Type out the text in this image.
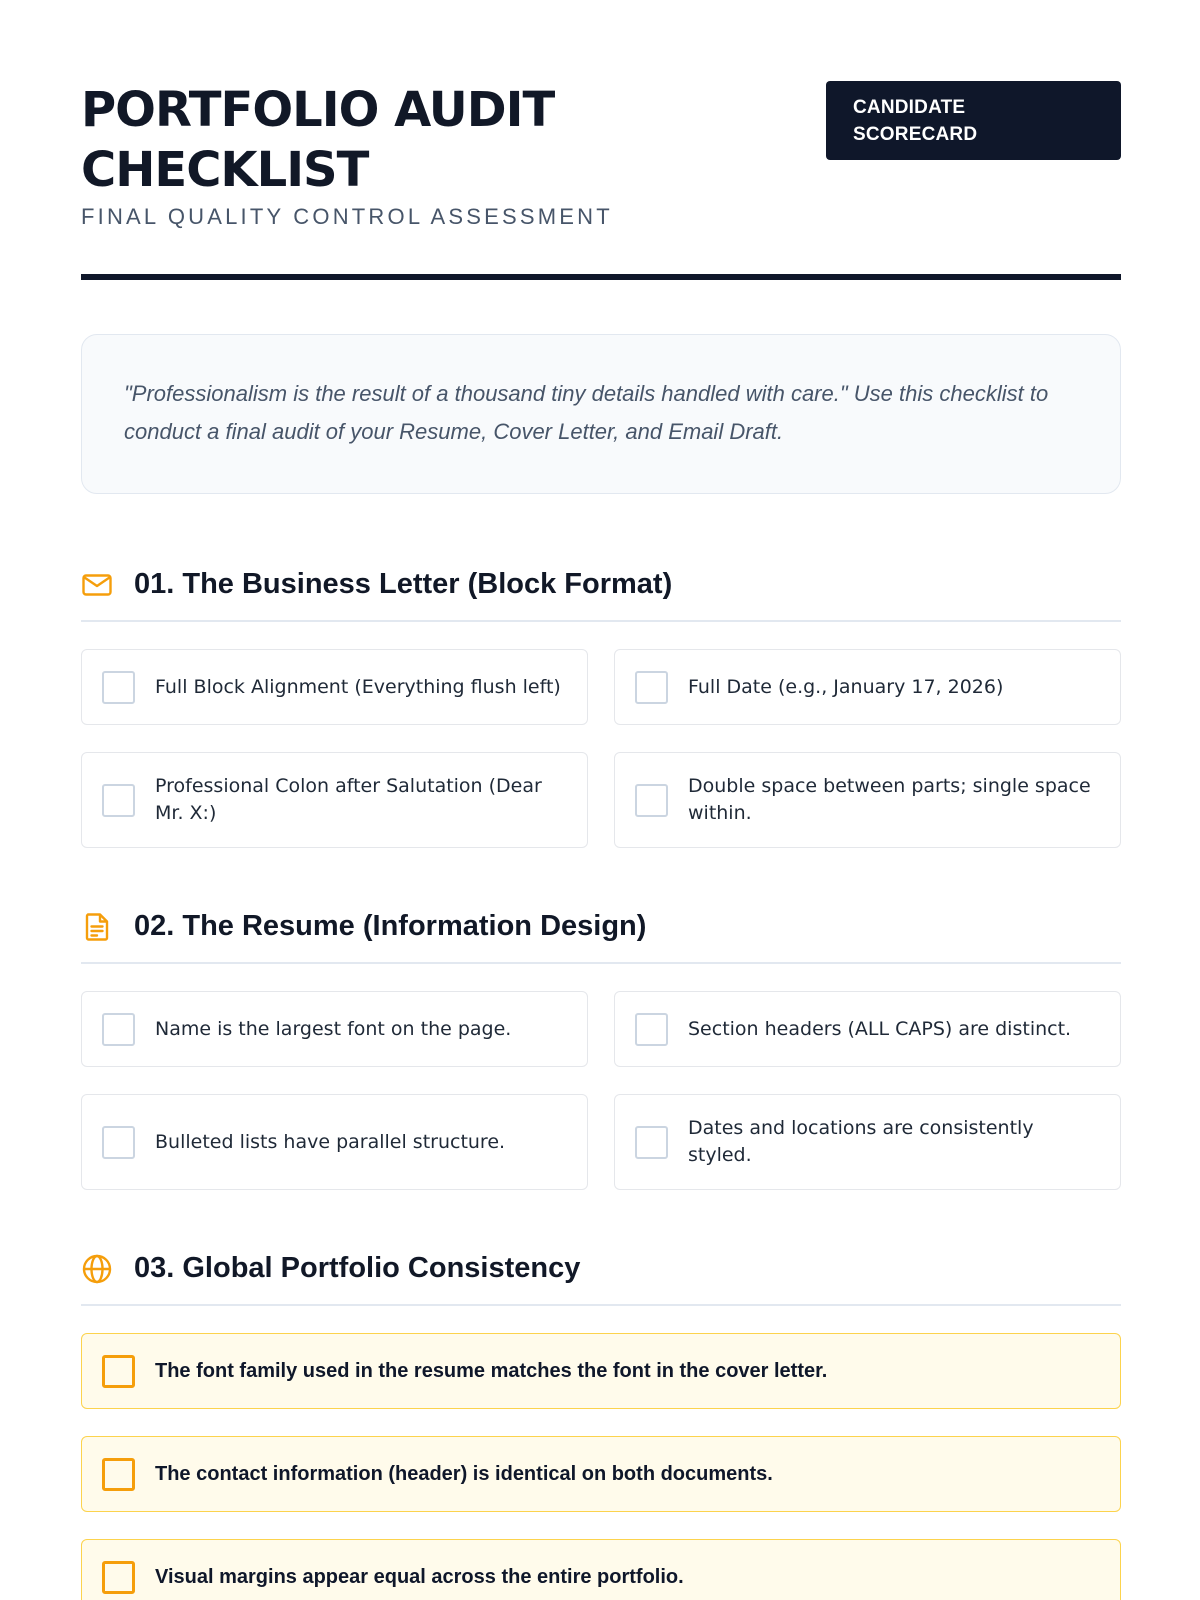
PORTFOLIO AUDIT CHECKLIST
FINAL QUALITY CONTROL ASSESSMENT
CANDIDATE SCORECARD
"Professionalism is the result of a thousand tiny details handled with care." Use this checklist to conduct a final audit of your Resume, Cover Letter, and Email Draft.
01. The Business Letter (Block Format)
Full Block Alignment (Everything flush left)	Full Date (e.g., January 17, 2026)
Professional Colon after Salutation (Dear Mr. X:)
Double space between parts; single space within.
02. The Resume (Information Design)
Name is the largest font on the page.	Section headers (ALL CAPS) are distinct.
Bulleted lists have parallel structure.
Dates and locations are consistently styled.
03. Global Portfolio Consistency
The font family used in the resume matches the font in the cover letter.
The contact information (header) is identical on both documents.
Visual margins appear equal across the entire portfolio.
